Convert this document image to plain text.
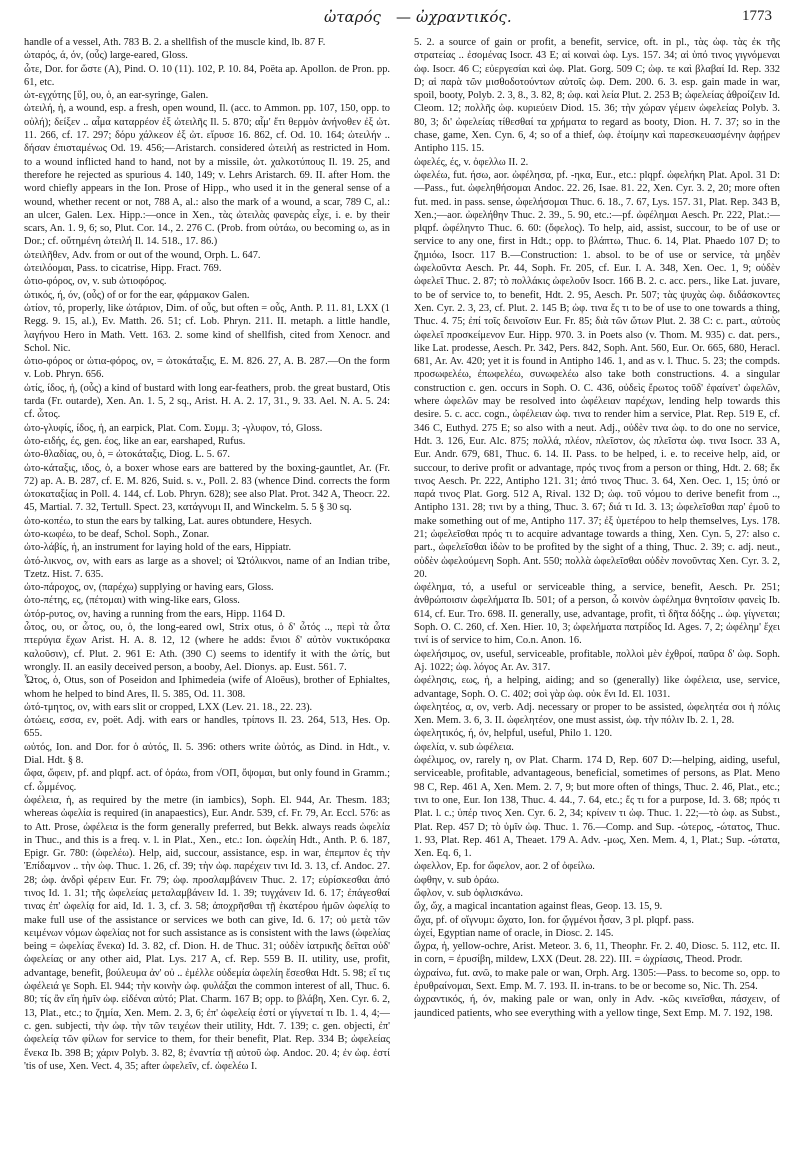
ὠταρός — ὠχραντικός.	1773

handle of a vessel, Ath. 783 B. 2. a shellfish of the muscle kind, lb. 87 F.

ὠταρός, ά, όν, (οὖς) large-eared, Gloss.

ὦτε, Dor. for ὥστε (A), Pind. O. 10 (11). 102, P. 10. 84, Poëta ap. Apollon. de Pron. pp. 61, etc.

ὠτ-εγχύτης [ὕ], ου, ὁ, an ear-syringe, Galen.

ὠτειλή, ἡ, a wound, esp. a fresh, open wound, Il. (acc. to Ammon. pp. 107, 150, opp. to οὐλή); δείξεν .. αἷμα καταρρέον ἐξ ὠτειλῆς Il. 5. 870; αἷμ' ἔτι θερμὸν ἀνήνοθεν ἐξ ὠτ. 11. 266, cf. 17. 297; δόρυ χάλκεον ἐξ ὠτ. εἴρυσε 16. 862, cf. Od. 10. 164; ὠτειλήν .. δήσαν ἐπισταμένως Od. 19. 456;—Aristarch. considered ὠτειλή as restricted in Hom. to a wound inflicted hand to hand, not by a missile, ὠτ. χαλκοτύπους Il. 19. 25, and therefore he rejected as spurious 4. 140, 149; v. Lehrs Aristarch. 69. II. after Hom. the word chiefly appears in the Ion. Prose of Hipp., who used it in the general sense of a wound, whether recent or not, 788 A, al.: also the mark of a wound, a scar, 789 C, al.: an ulcer, Galen. Lex. Hipp.:—once in Xen., τὰς ὠτειλὰς φανερὰς εἶχε, i. e. by their scars, An. 1. 9, 6; so, Plut. Cor. 14., 2. 276 C. (Prob. from οὐτάω, ου becoming ω, as in Dor.; cf. οὔτημένη ὠτειλή Il. 14. 518., 17. 86.)

ὠτειλῆθεν, Adv. from or out of the wound, Orph. L. 647.

ὠτειλόομαι, Pass. to cicatrise, Hipp. Fract. 769.

ὠτιο-φόρος, ον, v. sub ὠτιοφόρος.

ὠτικός, ή, όν, (οὖς) of or for the ear, φάρμακον Galen.

ὠτίον, τό, properly, like ὠτάριον, Dim. of οὖς, but often = οὖς, Anth. P. 11. 81, LXX (1 Regg. 9. 15, al.), Ev. Matth. 26. 51; cf. Lob. Phryn. 211. II. metaph. a little handle, λαγήνου Hero in Math. Vett. 163. 2. some kind of shellfish, cited from Xenocr. and Schol. Nic.

ὠτιο-φόρος or ὠτια-φόρος, ον, = ὠτοκάταξις, E. M. 826. 27, A. B. 287.—On the form v. Lob. Phryn. 656.

ὠτίς, ίδος, ἡ, (οὖς) a kind of bustard with long ear-feathers, prob. the great bustard, Otis tarda (Fr. outarde), Xen. An. 1. 5, 2 sq., Arist. H. A. 2. 17, 31., 9. 33. Ael. N. A. 5. 24: cf. ὦτος.

ὠτο-γλυφίς, ίδος, ἡ, an earpick, Plat. Com. Συμμ. 3; -γλυφον, τό, Gloss.

ὠτο-ειδής, ές, gen. έος, like an ear, earshaped, Rufus.

ὠτο-θλαδίας, ου, ὁ, = ὠτοκάταξις, Diog. L. 5. 67.

ὠτο-κάταξις, ιδος, ὁ, a boxer whose ears are battered by the boxing-gauntlet, Ar. (Fr. 72) ap. A. B. 287, cf. E. M. 826, Suid. s. v., Poll. 2. 83 (whence Dind. corrects the form ὠτοκαταξίας in Poll. 4. 144, cf. Lob. Phryn. 628); see also Plat. Prot. 342 A, Theocr. 22. 45, Martial. 7. 32, Tertull. Spect. 23, κατάγνυμι II, and Winckelm. 5. 5 § 30 sq.

ὠτο-κοπέω, to stun the ears by talking, Lat. aures obtundere, Hesych.

ὠτο-κωφέω, to be deaf, Schol. Soph., Zonar.

ὠτο-λάβίς, ἡ, an instrument for laying hold of the ears, Hippiatr.

ὠτό-λικνος, ον, with ears as large as a shovel; οἱ Ὠτόλικνοι, name of an Indian tribe, Tzetz. Hist. 7. 635.

ὠτο-πάροχος, ον, (παρέχω) supplying or having ears, Gloss.

ὠτο-πέτης, ες, (πέτομαι) with wing-like ears, Gloss.

ὠτόρ-ρυτος, ον, having a running from the ears, Hipp. 1164 D.

ὦτος, ου, or ὦτος, ου, ὁ, the long-eared owl, Strix otus, ὁ δ' ὦτός .., περὶ τὰ ὦτα πτερύγια ἔχων Arist. H. A. 8. 12, 12 (where he adds: ἔνιοι δ' αὐτὸν νυκτικόρακα καλοῦσιν), cf. Plut. 2. 961 E: Ath. (390 C) seems to identify it with the ὠτίς, but wrongly. II. an easily deceived person, a booby, Ael. Dionys. ap. Eust. 561. 7.

Ὦτος, ὁ, Otus, son of Poseidon and Iphimedeia (wife of Aloëus), brother of Ephialtes, whom he helped to bind Ares, Il. 5. 385, Od. 11. 308.

ὠτό-τμητος, ον, with ears slit or cropped, LXX (Lev. 21. 18., 22. 23).

ὠτώεις, εσσα, εν, poët. Adj. with ears or handles, τρίποvs Il. 23. 264, 513, Hes. Op. 655.

ωὐτός, Ion. and Dor. for ὁ αὐτός, Il. 5. 396: others write ὠὐτός, as Dind. in Hdt., v. Dial. Hdt. § 8.

ὤφα, ὤφειν, pf. and plqpf. act. of ὁράω, from √ΟΠ, ὄψομαι, but only found in Gramm.; cf. ὦμμένος.

ὠφέλεια, ἡ, as required by the metre (in iambics), Soph. El. 944, Ar. Thesm. 183; whereas ὠφελία is required (in anapaestics), Eur. Andr. 539, cf. Fr. 79, Ar. Eccl. 576: as to Att. Prose, ὠφέλεια is the form generally preferred, but Bekk. always reads ὠφελία in Thuc., and this is a freq. v. l. in Plat., Xen., etc.: Ion. ὠφελίη Hdt., Anth. P. 6. 187, Epigr. Gr. 780: (ὠφελέω). Help, aid, succour, assistance, esp. in war, ἐπεμπον ἐς τὴν Ἐπίδαμνον .. τὴν ὠφ. Thuc. 1. 26, cf. 39; τὴν ὠφ. παρέχειν τινι Id. 3. 13, cf. Andoc. 27. 28; ὠφ. ἀνδρὶ φέρειν Eur. Fr. 79; ὠφ. προσλαμβάνειν Thuc. 2. 17; εὑρίσκεσθαι ἀπό τινος Id. 1. 31; τῆς ὠφελείας μεταλαμβάνειν Id. 1. 39; τυγχάνειν Id. 6. 17; ἐπάγεσθαί τινας ἐπ' ὠφελίᾳ for aid, Id. 1. 3, cf. 3. 58; ἀποχρῆσθαι τῇ ἑκατέρου ἠμῶν ὠφελίᾳ to make full use of the assistance or services we both can give, Id. 6. 17; οὐ μετὰ τῶν κειμένων νόμων ὠφελίας not for such assistance as is consistent with the laws (ὠφελίας being = ὠφελίας ἕνεκα) Id. 3. 82, cf. Dion. H. de Thuc. 31; οὐδὲν ἰατρικῆς δεῖται οὐδ' ὠφελείας or any other aid, Plat. Lys. 217 A, cf. Rep. 559 B. II. utility, use, profit, advantage, benefit, βούλευμα ἀν' οὐ .. ἐμέλλε οὐδεμία ὠφελίη ἔσεσθαι Hdt. 5. 98; εἴ τις ὠφέλειά γε Soph. El. 944; τὴν κοινὴν ὠφ. φυλάξαι the common interest of all, Thuc. 6. 80; τίς ἂν εἴη ἡμῖν ὠφ. εἰδέναι αὐτό; Plat. Charm. 167 B; opp. to βλάβη, Xen. Cyr. 6. 2, 13, Plat., etc.; to ζημία, Xen. Mem. 2. 3, 6; ἐπ' ὠφελείᾳ ἐστί or γίγνεταί τι Ib. 1. 4, 4;—c. gen. subjecti, τὴν ὠφ. τὴν τῶν τειχέων their utility, Hdt. 7. 139; c. gen. objecti, ἐπ' ὠφελείᾳ τῶν φίλων for service to them, for their benefit, Plat. Rep. 334 B; ὠφελείας ἕνεκα Ib. 398 B; χάριν Polyb. 3. 82, 8; ἐναντία τῇ αὐτοῦ ὠφ. Andoc. 20. 4; ἐν ὠφ. ἐστί 'tis of use, Xen. Vect. 4, 35; after ὠφελεῖν, cf. ὠφελέω I.

5. 2. a source of gain or profit, a benefit, service, oft. in pl., τὰς ὠφ. τὰς ἐκ τῆς στρατείας .. ἐσομένας Isocr. 43 E; αἱ κοιναὶ ὠφ. Lys. 157. 34; αἱ ὑπό τινος γιγνόμεναι ὠφ. Isocr. 46 C; εὐεργεσίαι καὶ ὠφ. Plat. Gorg. 509 C; ὠφ. τε καὶ βλαβαί Id. Rep. 332 D; αἱ παρὰ τῶν μισθοδοτούντων αὐτοῖς ὠφ. Dem. 200. 6. 3. esp. gain made in war, spoil, booty, Polyb. 2. 3, 8., 3. 82, 8; ὠφ. καὶ λεία Plut. 2. 253 B; ὠφελείας ἀθροίζειν Id. Cleom. 12; πολλῆς ὠφ. κυριεύειν Diod. 15. 36; τὴν χώραν γέμειν ὠφελείας Polyb. 3. 80, 3; δι' ὠφελείας τίθεσθαί τα χρήματα to regard as booty, Dion. H. 7. 37; so in the chase, game, Xen. Cyn. 6, 4; so of a thief, ὠφ. ἑτοίμην καὶ παρεσκευασμένην ἀφῄρεν Antipho 115. 15.

ὠφελές, ές, v. ὀφελλω II. 2.

ὠφελέω, fut. ήσω, aor. ὠφέλησα, pf. -ηκα, Eur., etc.: plqpf. ὠφελήκη Plat. Apol. 31 D:—Pass., fut. ὠφεληθήσομαι Andoc. 22. 26, Isae. 81. 22, Xen. Cyr. 3. 2, 20; more often fut. med. in pass. sense, ὠφελήσομαι Thuc. 6. 18., 7. 67, Lys. 157. 31, Plat. Rep. 343 B, Xen.;—aor. ὠφελήθην Thuc. 2. 39., 5. 90, etc.:—pf. ὠφέλημαι Aesch. Pr. 222, Plat.:—plqpf. ὠφέληντο Thuc. 6. 60: (ὄφελος). To help, aid, assist, succour, to be of use or service to any one, first in Hdt.; opp. to βλάπτω, Thuc. 6. 14, Plat. Phaedo 107 D; to ζημιόω, Isocr. 117 B.—Construction: 1. absol. to be of use or service, τὰ μηδὲν ὠφελοῦντα Aesch. Pr. 44, Soph. Fr. 205, cf. Eur. I. A. 348, Xen. Oec. 1, 9; οὐδὲν ὠφελεῖ Thuc. 2. 87; τὸ πολλάκις ὠφελοῦν Isocr. 166 B. 2. c. acc. pers., like Lat. juvare, to be of service to, to benefit, Hdt. 2. 95, Aesch. Pr. 507; τὰς ψυχὰς ὠφ. διδάσκοντες Xen. Cyr. 2. 3, 23, cf. Plut. 2. 145 B; ὠφ. τινα ἔς τι to be of use to one towards a thing, Thuc. 4. 75; ἐπί τοῖς δεινοῖσιν Eur. Fr. 85; διὰ τῶν ὤτων Plut. 2. 38 C: c. part., αὐτοὺς ὠφελεῖ προσκείμενον Eur. Hipp. 970. 3. in Poets also (v. Thom. M. 935) c. dat. pers., like Lat. prodesse, Aesch. Pr. 342, Pers. 842, Soph. Ant. 560, Eur. Or. 665, 680, Heracl. 681, Ar. Av. 420; yet it is found in Antipho 146. 1, and as v. l. Thuc. 5. 23; the compds. προσωφελέω, ἐπωφελέω, συνωφελέω also take both constructions. 4. a singular construction c. gen. occurs in Soph. O. C. 436, οὐδεὶς ἔρωτος τοῦδ' ἐφαίνετ' ὠφελῶν, where ὠφελῶν may be resolved into ὠφέλειαν παρέχων, lending help towards this desire. 5. c. acc. cogn., ὠφέλειαν ὠφ. τινα to render him a service, Plat. Rep. 519 E, cf. 346 C, Euthyd. 275 E; so also with a neut. Adj., οὐδὲν τινα ὠφ. to do one no service, Hdt. 3. 126, Eur. Alc. 875; πολλά, πλέον, πλεῖστον, ὡς πλεῖστα ὠφ. τινα Isocr. 33 A, Eur. Andr. 679, 681, Thuc. 6. 14. II. Pass. to be helped, i. e. to receive help, aid, or succour, to derive profit or advantage, πρός τινος from a person or thing, Hdt. 2. 68; ἔκ τινος Aesch. Pr. 222, Antipho 121. 31; ἀπό τινος Thuc. 3. 64, Xen. Oec. 1, 15; ὑπό or παρά τινος Plat. Gorg. 512 A, Rival. 132 D; ὠφ. τοῦ νόμου to derive benefit from .., Antipho 131. 28; τινι by a thing, Thuc. 3. 67; διά τι Id. 3. 13; ὠφελεῖσθαι παρ' ἐμοῦ to make something out of me, Antipho 117. 37; ἐξ ὑμετέρου to help themselves, Lys. 178. 21; ὠφελεῖσθαι πρός τι to acquire advantage towards a thing, Xen. Cyn. 5, 27: also c. part., ὠφελεῖσθαι ἰδὼν to be profited by the sight of a thing, Thuc. 2. 39; c. adj. neut., οὐδὲν ὠφελούμενη Soph. Ant. 550; πολλὰ ὠφελεῖσθαι οὐδὲν πονοῦντας Xen. Cyr. 3. 2, 20.

ὠφέλημα, τό, a useful or serviceable thing, a service, benefit, Aesch. Pr. 251; ἀνθρώποισιν ὠφελήματα Ib. 501; of a person, ὦ κοινὸν ὠφέλημα θνητοῖσιν φανεὶς Ib. 614, cf. Eur. Tro. 698. II. generally, use, advantage, profit, τὶ δῆτα δόξης .. ὠφ. γίγνεται; Soph. O. C. 260, cf. Xen. Hier. 10, 3; ὠφελήματα πατρίδος Id. Ages. 7, 2; ὠφέλημ' ἔχει τινί is of service to him, Co.n. Anon. 16.

ὠφελήσιμος, ον, useful, serviceable, profitable, πολλοὶ μὲν ἐχθροί, παῦρα δ' ὠφ. Soph. Aj. 1022; ὠφ. λόγος Ar. Av. 317.

ὠφέλησις, εως, ἡ, a helping, aiding; and so (generally) like ὠφέλεια, use, service, advantage, Soph. O. C. 402; σοὶ γὰρ ὠφ. οὐκ ἔνι Id. El. 1031.

ὠφελητέος, α, ον, verb. Adj. necessary or proper to be assisted, ὠφελητέα σοι ἡ πόλις Xen. Mem. 3. 6, 3. II. ὠφελητέον, one must assist, ὠφ. τὴν πόλιν Ib. 2. 1, 28.

ὠφελητικός, ή, όν, helpful, useful, Philo 1. 120.

ὠφελία, v. sub ὠφέλεια.

ὠφέλιμος, ον, rarely η, ον Plat. Charm. 174 D, Rep. 607 D:—helping, aiding, useful, serviceable, profitable, advantageous, beneficial, sometimes of persons, as Plat. Meno 98 C, Rep. 461 A, Xen. Mem. 2. 7, 9; but more often of things, Thuc. 2. 46, Plat., etc.; τινι to one, Eur. Ion 138, Thuc. 4. 44., 7. 64, etc.; ἔς τι for a purpose, Id. 3. 68; πρός τι Plat. l. c.; ὑπέρ τινος Xen. Cyr. 6. 2, 34; κρίνειν τι ὠφ. Thuc. 1. 22;—τὸ ὠφ. as Subst., Plat. Rep. 457 D; τὸ ὑμῖν ὠφ. Thuc. 1. 76.—Comp. and Sup. -ώτερος, -ώτατος, Thuc. 1. 93, Plat. Rep. 461 A, Theaet. 179 A. Adv. -μως, Xen. Mem. 4, 1, Plat.; Sup. -ώτατα, Xen. Eq. 6, 1.

ὠφελλον, Ep. for ὤφελον, aor. 2 of ὀφείλω.

ὠφθην, v. sub ὁράω.

ὤφλον, v. sub ὀφλισκάνω.

ὤχ, ὤχ, a magical incantation against fleas, Geop. 13. 15, 9.

ὤχα, pf. of οἴγνυμι: ὤχατο, Ion. for ᾤγμένοι ἦσαν, 3 pl. plqpf. pass.

ὠχεί, Egyptian name of oracle, in Diosc. 2. 145.

ὤχρα, ἡ, yellow-ochre, Arist. Meteor. 3. 6, 11, Theophr. Fr. 2. 40, Diosc. 5. 112, etc. II. in corn, = ἐρυσίβη, mildew, LXX (Deut. 28. 22). III. = ὠχρίασις, Theod. Prodr.

ὠχραίνω, fut. ανῶ, to make pale or wan, Orph. Arg. 1305:—Pass. to become so, opp. to ἐρυθραίνομαι, Sext. Emp. M. 7. 193. II. in-trans. to be or become so, Nic. Th. 254.

ὠχραντικός, ή, όν, making pale or wan, only in Adv. -κῶς κινεῖσθαι, πάσχειν, of jaundiced patients, who see everything with a yellow tinge, Sext Emp. M. 7. 192, 198.
